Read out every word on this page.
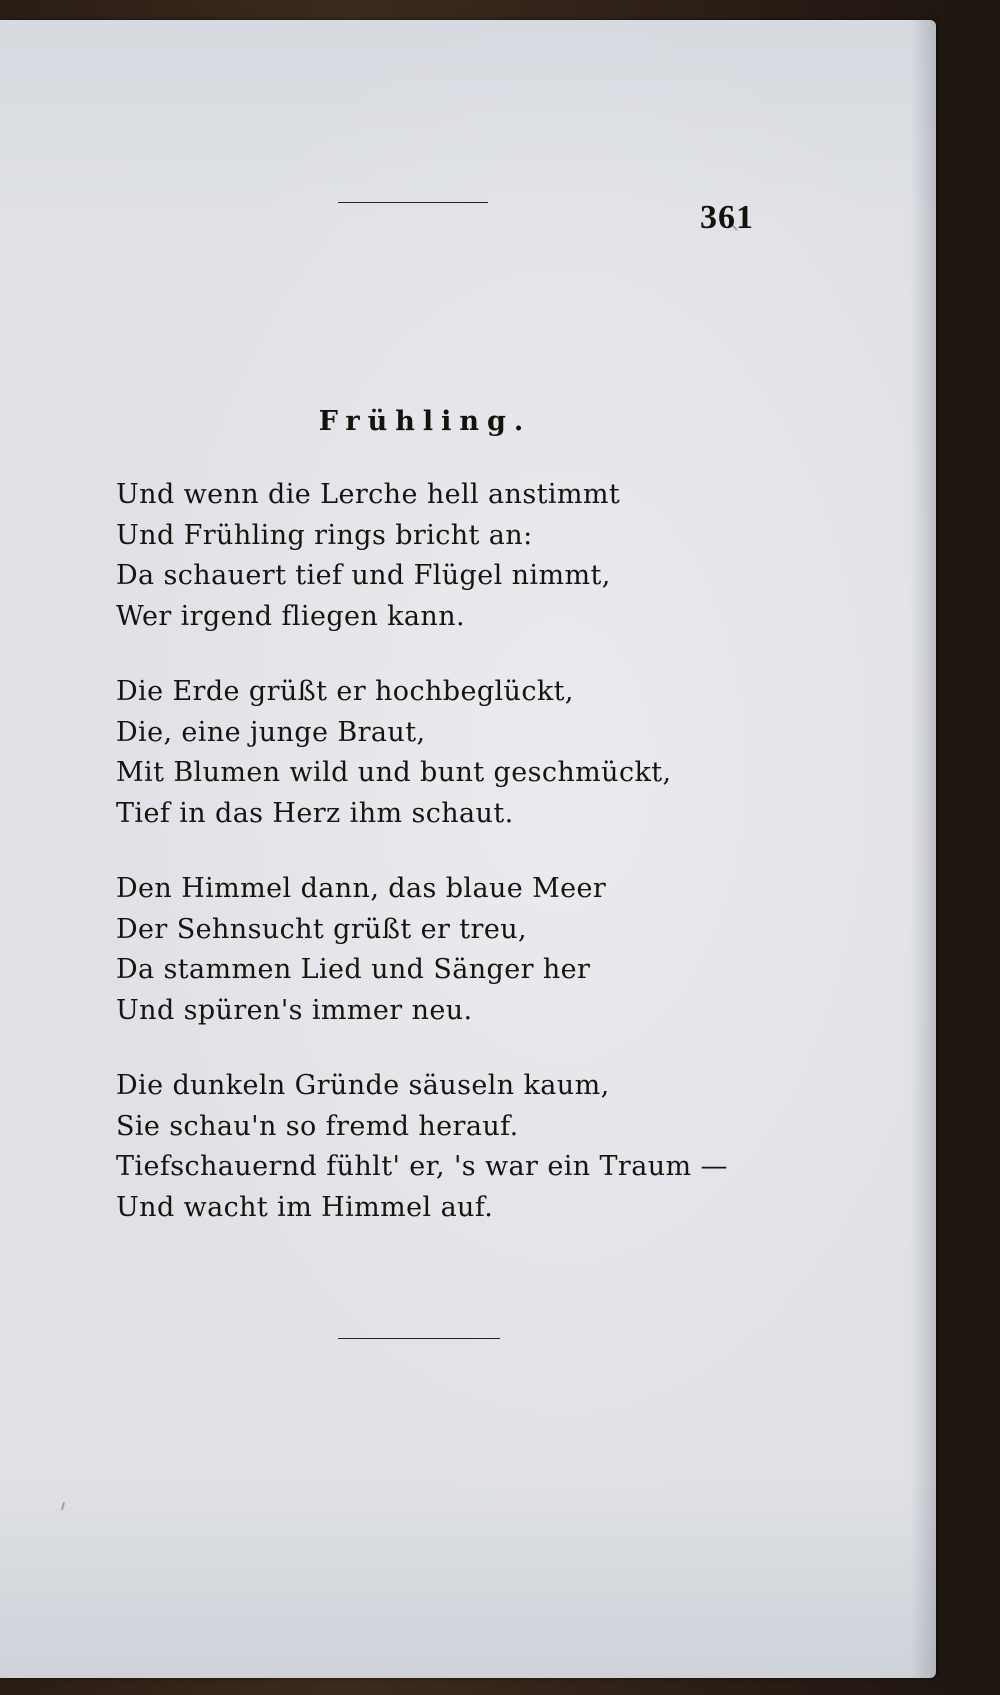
361
Frühling.
Und wenn die Lerche hell anstimmt
Und Frühling rings bricht an:
Da schauert tief und Flügel nimmt,
Wer irgend fliegen kann.
Die Erde grüßt er hochbeglückt,
Die, eine junge Braut,
Mit Blumen wild und bunt geschmückt,
Tief in das Herz ihm schaut.
Den Himmel dann, das blaue Meer
Der Sehnsucht grüßt er treu,
Da stammen Lied und Sänger her
Und spüren's immer neu.
Die dunkeln Gründe säuseln kaum,
Sie schau'n so fremd herauf.
Tiefschauernd fühlt' er, 's war ein Traum —
Und wacht im Himmel auf.
